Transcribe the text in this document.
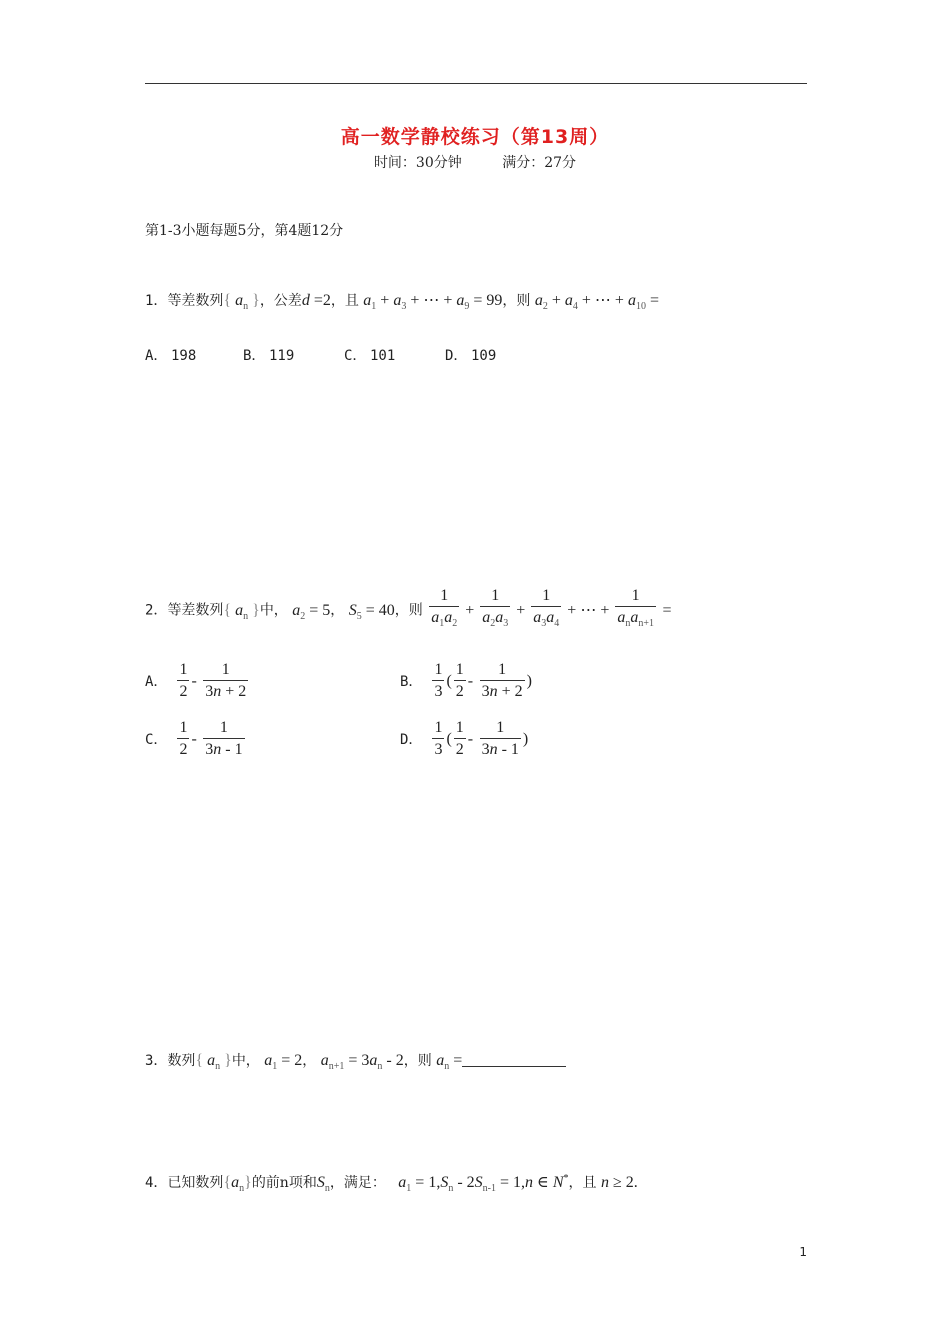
高一数学静校练习（第13周）
时间：30分钟	满分：27分
第1-3小题每题5分，第4题12分
1．等差数列{ $a_n$ }，公差d =2，且 $a_1 + a_3$ + ⋯ + $a_9 = 99$，则 $a_2 + a_4$ + ⋯ + $a_{10}$ =
A． 198	B． 119	C． 101	D． 109
2．等差数列{ $a_n$ }中， $a_2 = 5$， $S_5 = 40$，则 $\frac{1}{a_1a_2} + \frac{1}{a_2a_3} + \frac{1}{a_3a_4}$ + ⋯ + $\frac{1}{a_na_{n+1}}$ =
A． $\frac{1}{2} - \frac{1}{3n + 2}$	B． $\frac{1}{3}$ ( $\frac{1}{2} - \frac{1}{3n + 2}$ )
C． $\frac{1}{2} - \frac{1}{3n - 1}$	D． $\frac{1}{3}$ ( $\frac{1}{2} - \frac{1}{3n - 1}$ )
3．数列{ $a_n$ }中， $a_1 = 2$， $a_{n+1} = 3a_n - 2$，则 $a_n$ =
4．已知数列$\{a_n\}$的前n项和$S_n$，满足： $a_1 = 1,S_n - 2S_{n-1} = 1,n$ ∈ N*，且 n ≥ 2.
1
